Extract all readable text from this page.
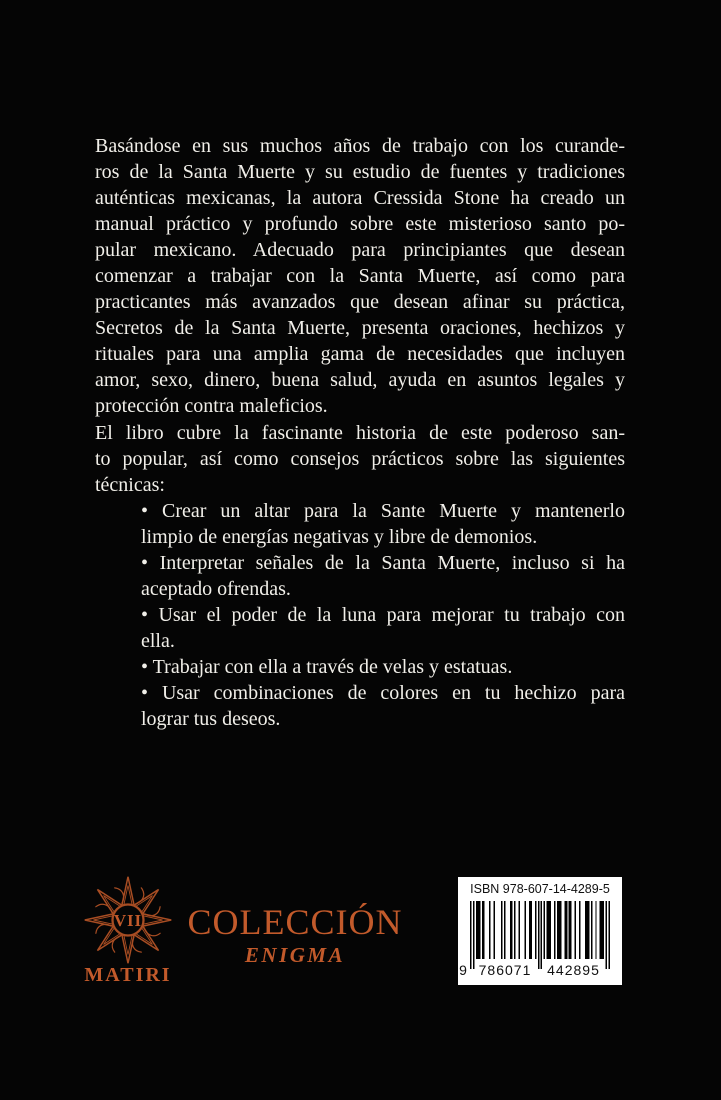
Basándose en sus muchos años de trabajo con los curande-
ros de la Santa Muerte y su estudio de fuentes y tradiciones
auténticas mexicanas, la autora Cressida Stone ha creado un
manual práctico y profundo sobre este misterioso santo po-
pular mexicano. Adecuado para principiantes que desean
comenzar a trabajar con la Santa Muerte, así como para
practicantes más avanzados que desean afinar su práctica,
Secretos de la Santa Muerte, presenta oraciones, hechizos y
rituales para una amplia gama de necesidades que incluyen
amor, sexo, dinero, buena salud, ayuda en asuntos legales y
protección contra maleficios.
El libro cubre la fascinante historia de este poderoso san-
to popular, así como consejos prácticos sobre las siguientes
técnicas:
• Crear un altar para la Sante Muerte y mantenerlo
limpio de energías negativas y libre de demonios.
• Interpretar señales de la Santa Muerte, incluso si ha
aceptado ofrendas.
• Usar el poder de la luna para mejorar tu trabajo con
ella.
• Trabajar con ella a través de velas y estatuas.
• Usar combinaciones de colores en tu hechizo para
lograr tus deseos.
VII
MATIRI
COLECCIÓN
ENIGMA
ISBN 978-607-14-4289-5
9 786071 442895
